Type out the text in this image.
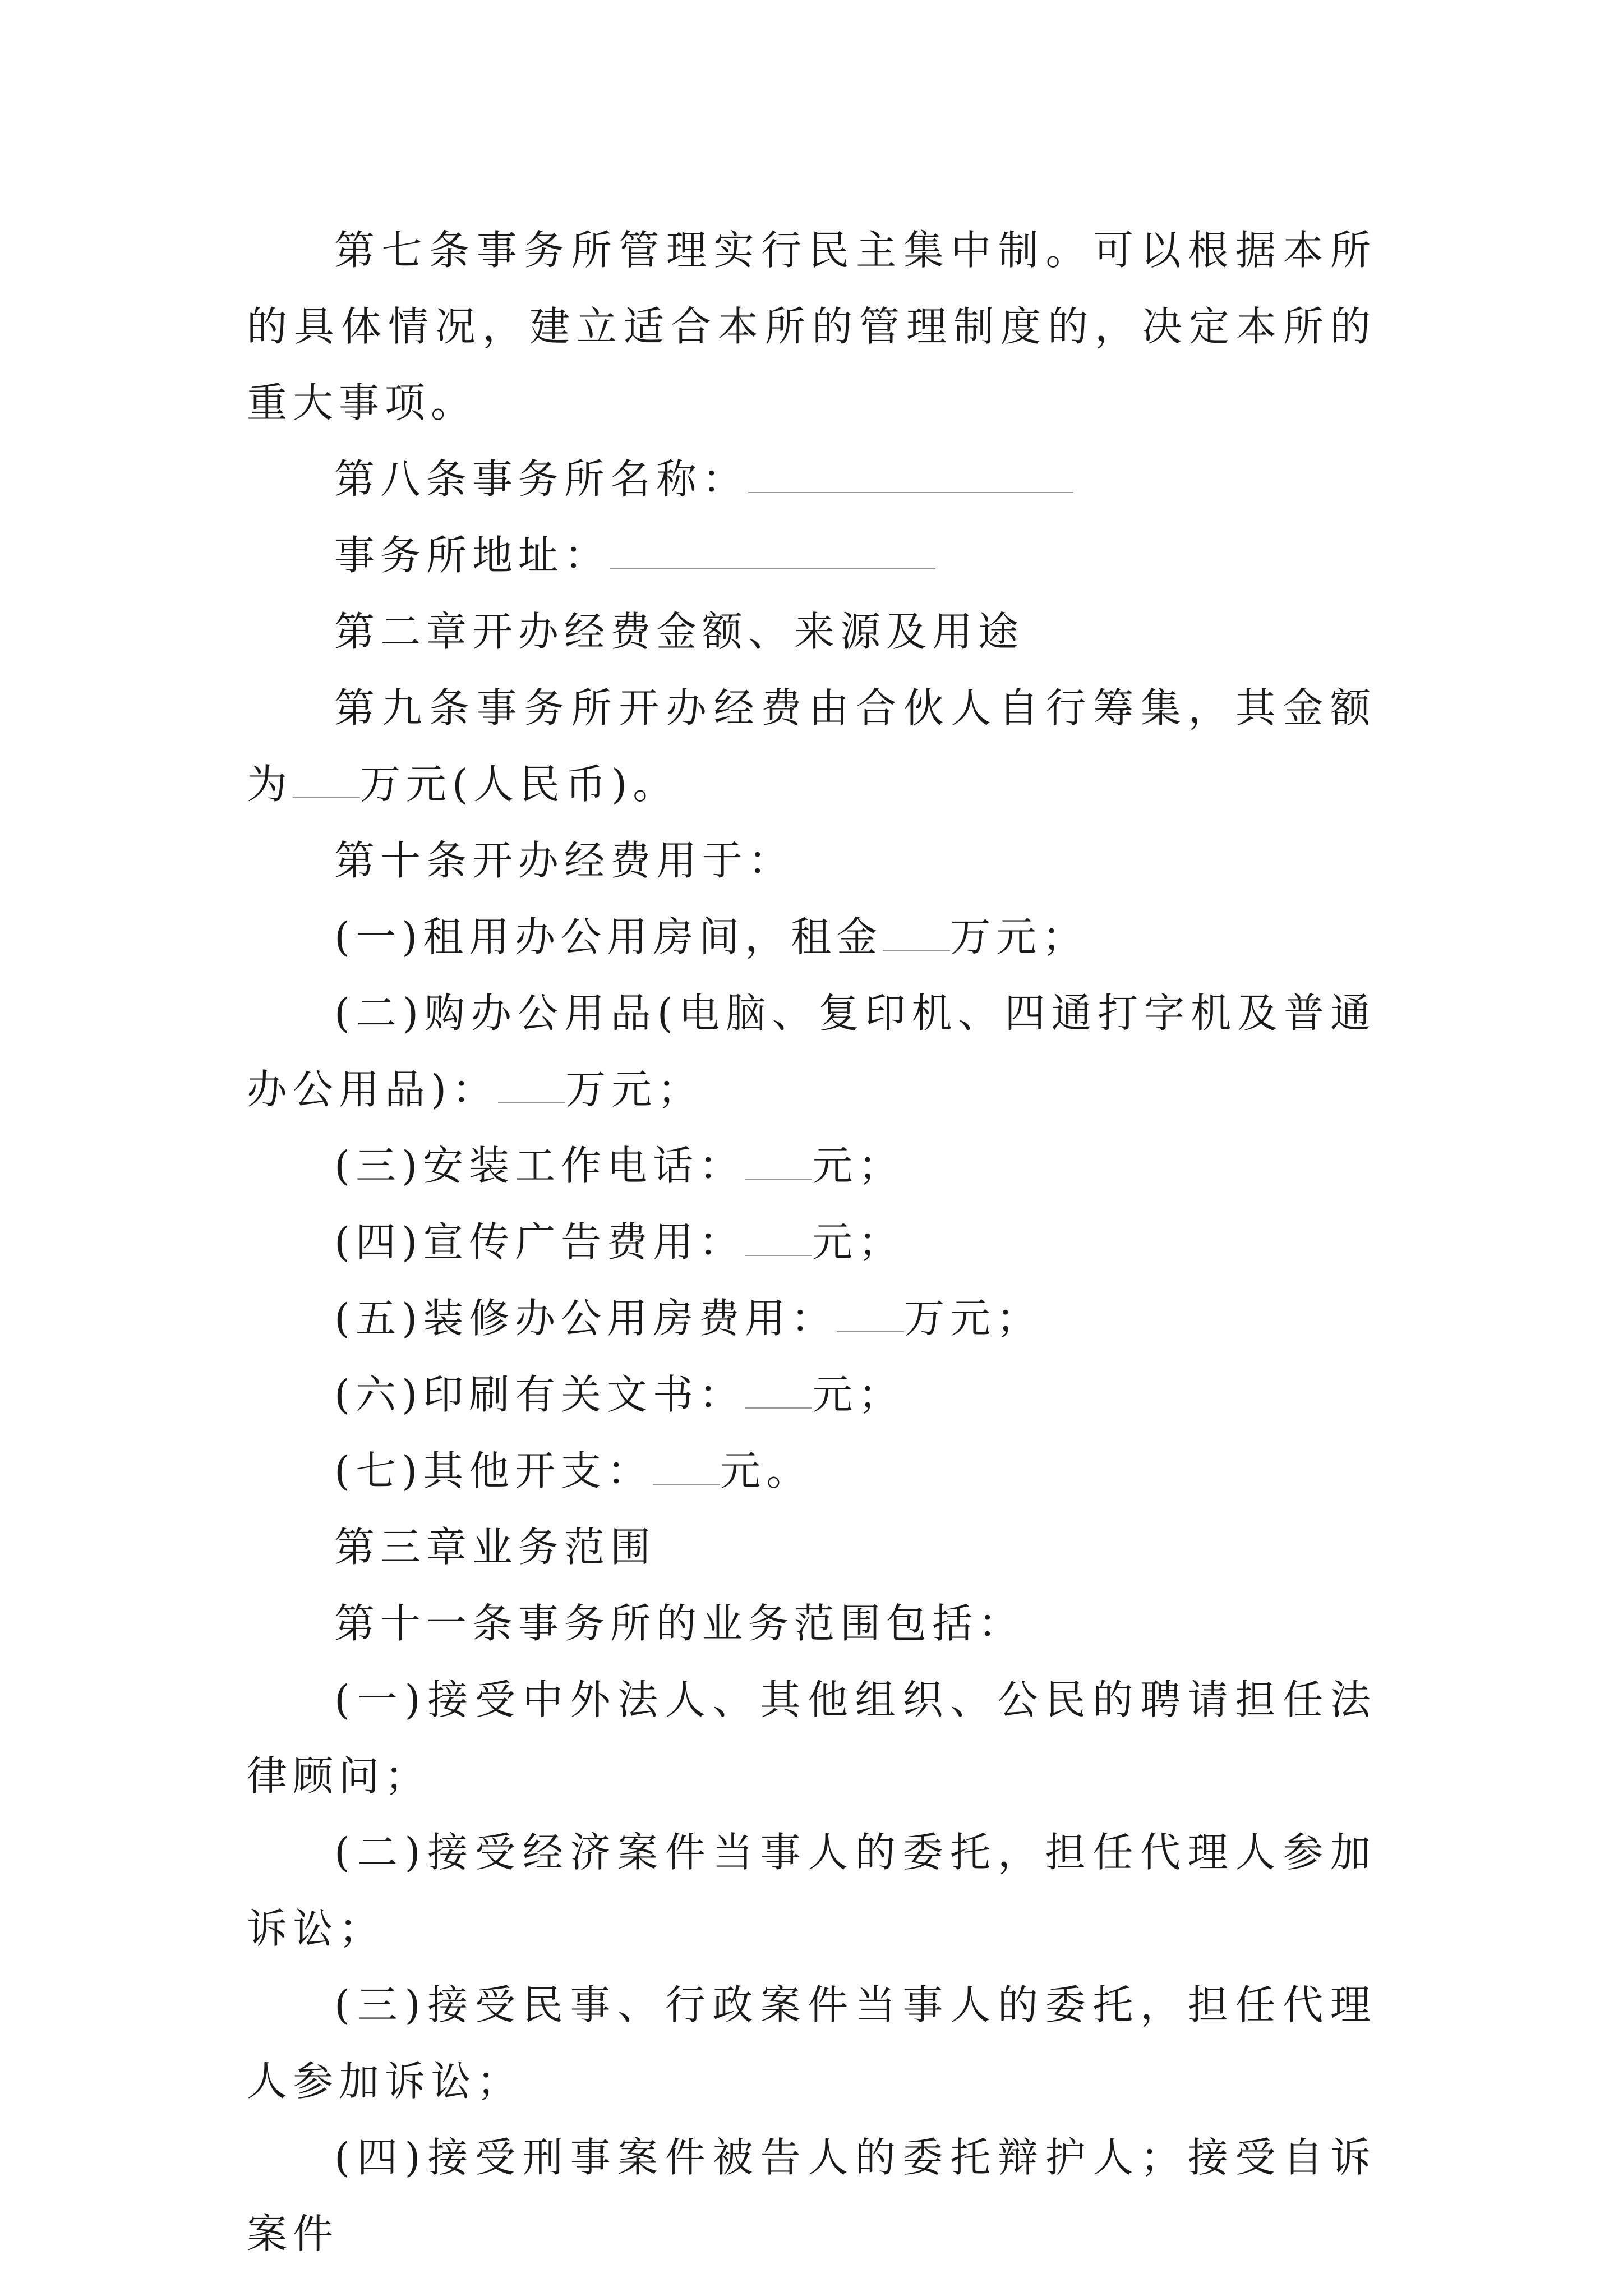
第七条事务所管理实行民主集中制。可以根据本所的具体情况，建立适合本所的管理制度的，决定本所的重大事项。

第八条事务所名称：

事务所地址：

第二章开办经费金额、来源及用途

第九条事务所开办经费由合伙人自行筹集，其金额为 万元(人民币)。

第十条开办经费用于：

(一)租用办公用房间，租金 万元；

(二)购办公用品(电脑、复印机、四通打字机及普通办公用品)： 万元；

(三)安装工作电话： 元；

(四)宣传广告费用： 元；

(五)装修办公用房费用： 万元；

(六)印刷有关文书： 元；

(七)其他开支： 元。

第三章业务范围

第十一条事务所的业务范围包括：

(一)接受中外法人、其他组织、公民的聘请担任法律顾问；

(二)接受经济案件当事人的委托，担任代理人参加诉讼；

(三)接受民事、行政案件当事人的委托，担任代理人参加诉讼；

(四)接受刑事案件被告人的委托辩护人；接受自诉案件
